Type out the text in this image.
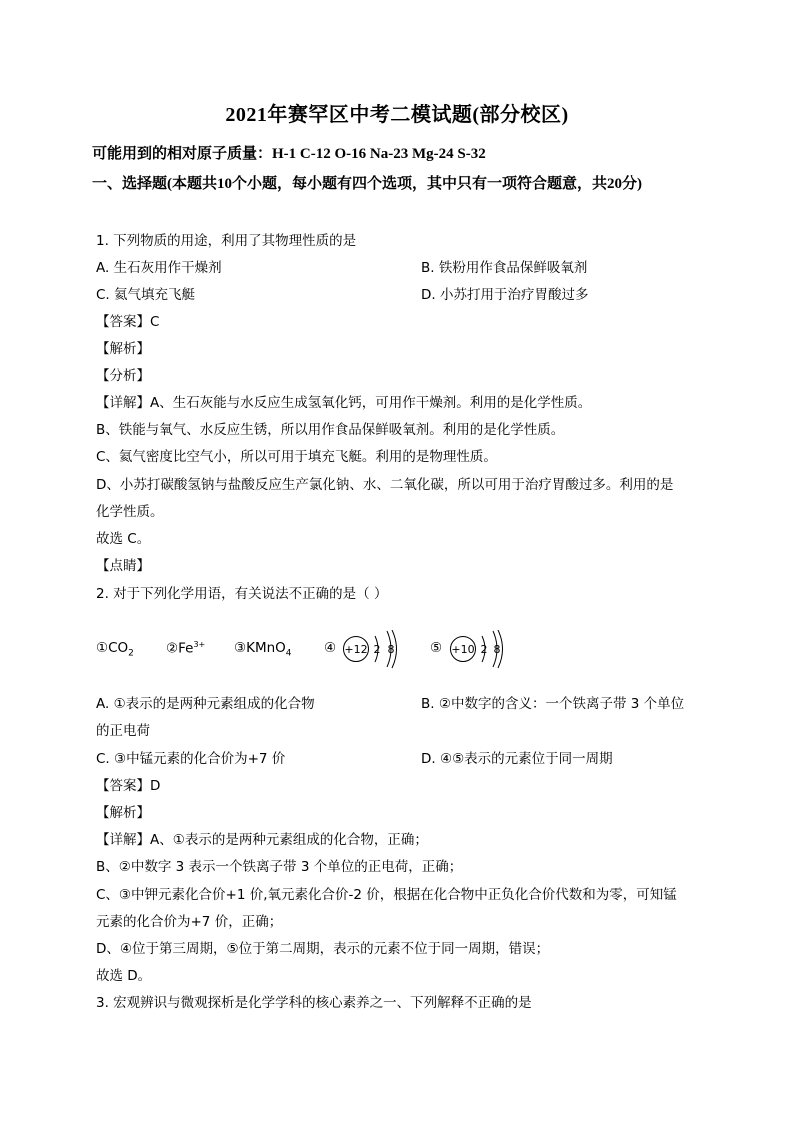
2021年赛罕区中考二模试题(部分校区)
可能用到的相对原子质量：H-1 C-12 O-16 Na-23 Mg-24 S-32
一、选择题(本题共10个小题，每小题有四个选项，其中只有一项符合题意，共20分)
1. 下列物质的用途，利用了其物理性质的是
A. 生石灰用作干燥剂	B. 铁粉用作食品保鲜吸氧剂
C. 氦气填充飞艇	D. 小苏打用于治疗胃酸过多
【答案】C
【解析】
【分析】
【详解】A、生石灰能与水反应生成氢氧化钙，可用作干燥剂。利用的是化学性质。
B、铁能与氧气、水反应生锈，所以用作食品保鲜吸氧剂。利用的是化学性质。
C、氦气密度比空气小，所以可用于填充飞艇。利用的是物理性质。
D、小苏打碳酸氢钠与盐酸反应生产氯化钠、水、二氧化碳，所以可用于治疗胃酸过多。利用的是
化学性质。
故选 C。
【点睛】
2. 对于下列化学用语，有关说法不正确的是（ ）
$①CO_2$ $②Fe^{3+}$ ③KMnO$_4$ ④ +12 2 8	⑤ +10 2 8
A. ①表示的是两种元素组成的化合物	B. ②中数字的含义：一个铁离子带 3 个单位
的正电荷
C. ③中锰元素的化合价为+7 价	D. ④⑤表示的元素位于同一周期
【答案】D
【解析】
【详解】A、①表示的是两种元素组成的化合物，正确；
B、②中数字 3 表示一个铁离子带 3 个单位的正电荷，正确；
C、③中钾元素化合价+1 价,氧元素化合价-2 价，根据在化合物中正负化合价代数和为零，可知锰
元素的化合价为+7 价，正确；
D、④位于第三周期，⑤位于第二周期，表示的元素不位于同一周期，错误；
故选 D。
3. 宏观辨识与微观探析是化学学科的核心素养之一、下列解释不正确的是
